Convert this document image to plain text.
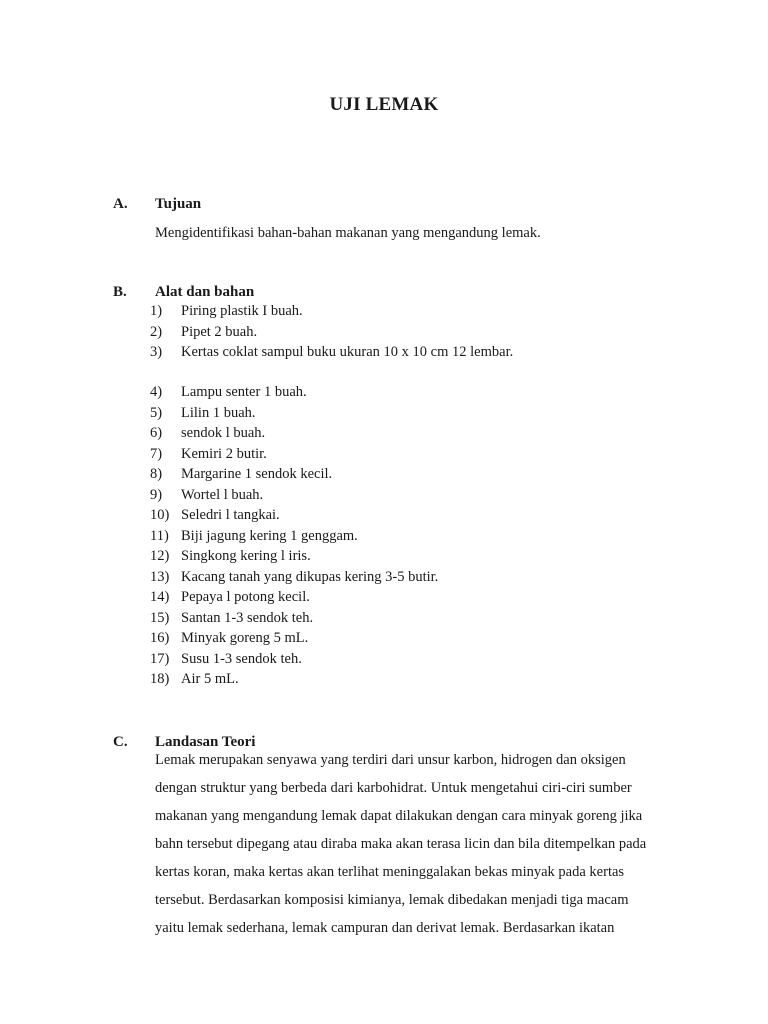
UJI LEMAK
A. Tujuan
Mengidentifikasi bahan-bahan makanan yang mengandung lemak.
B. Alat dan bahan
1) Piring plastik I buah.
2) Pipet 2 buah.
3) Kertas coklat sampul buku ukuran 10 x 10 cm 12 lembar.
4) Lampu senter 1 buah.
5) Lilin 1 buah.
6) sendok l buah.
7) Kemiri 2 butir.
8) Margarine 1 sendok kecil.
9) Wortel l buah.
10) Seledri l tangkai.
11) Biji jagung kering 1 genggam.
12) Singkong kering l iris.
13) Kacang tanah yang dikupas kering 3-5 butir.
14) Pepaya l potong kecil.
15) Santan 1-3 sendok teh.
16) Minyak goreng 5 mL.
17) Susu 1-3 sendok teh.
18) Air 5 mL.
C. Landasan Teori
Lemak merupakan senyawa yang terdiri dari unsur karbon, hidrogen dan oksigen
dengan struktur yang berbeda dari karbohidrat. Untuk mengetahui ciri-ciri sumber
makanan yang mengandung lemak dapat dilakukan dengan cara minyak goreng jika
bahn tersebut dipegang atau diraba maka akan terasa licin dan bila ditempelkan pada
kertas koran, maka kertas akan terlihat meninggalakan bekas minyak pada kertas
tersebut. Berdasarkan komposisi kimianya, lemak dibedakan menjadi tiga macam
yaitu lemak sederhana, lemak campuran dan derivat lemak. Berdasarkan ikatan
